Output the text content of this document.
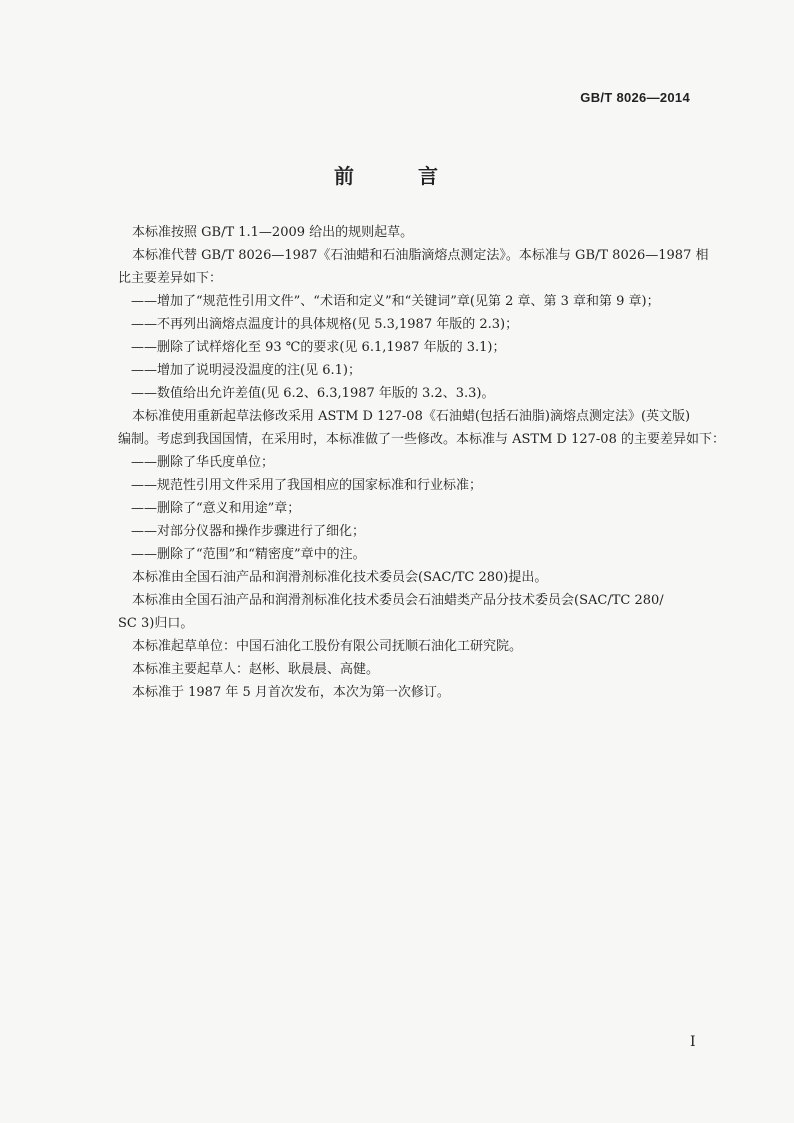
GB/T 8026—2014
前　言

本标准按照 GB/T 1.1—2009 给出的规则起草。

本标准代替 GB/T 8026—1987《石油蜡和石油脂滴熔点测定法》。本标准与 GB/T 8026—1987 相

比主要差异如下：

——增加了“规范性引用文件”、“术语和定义”和“关键词”章(见第 2 章、第 3 章和第 9 章)；

——不再列出滴熔点温度计的具体规格(见 5.3,1987 年版的 2.3)；

——删除了试样熔化至 93 ℃的要求(见 6.1,1987 年版的 3.1)；

——增加了说明浸没温度的注(见 6.1)；

——数值给出允许差值(见 6.2、6.3,1987 年版的 3.2、3.3)。

本标准使用重新起草法修改采用 ASTM D 127-08《石油蜡(包括石油脂)滴熔点测定法》(英文版)

编制。考虑到我国国情，在采用时，本标准做了一些修改。本标准与 ASTM D 127-08 的主要差异如下：

——删除了华氏度单位；

——规范性引用文件采用了我国相应的国家标准和行业标准；

——删除了“意义和用途”章；

——对部分仪器和操作步骤进行了细化；

——删除了“范围”和“精密度”章中的注。

本标准由全国石油产品和润滑剂标准化技术委员会(SAC/TC 280)提出。

本标准由全国石油产品和润滑剂标准化技术委员会石油蜡类产品分技术委员会(SAC/TC 280/

SC 3)归口。

本标准起草单位：中国石油化工股份有限公司抚顺石油化工研究院。

本标准主要起草人：赵彬、耿晨晨、高健。

本标准于 1987 年 5 月首次发布，本次为第一次修订。

I
